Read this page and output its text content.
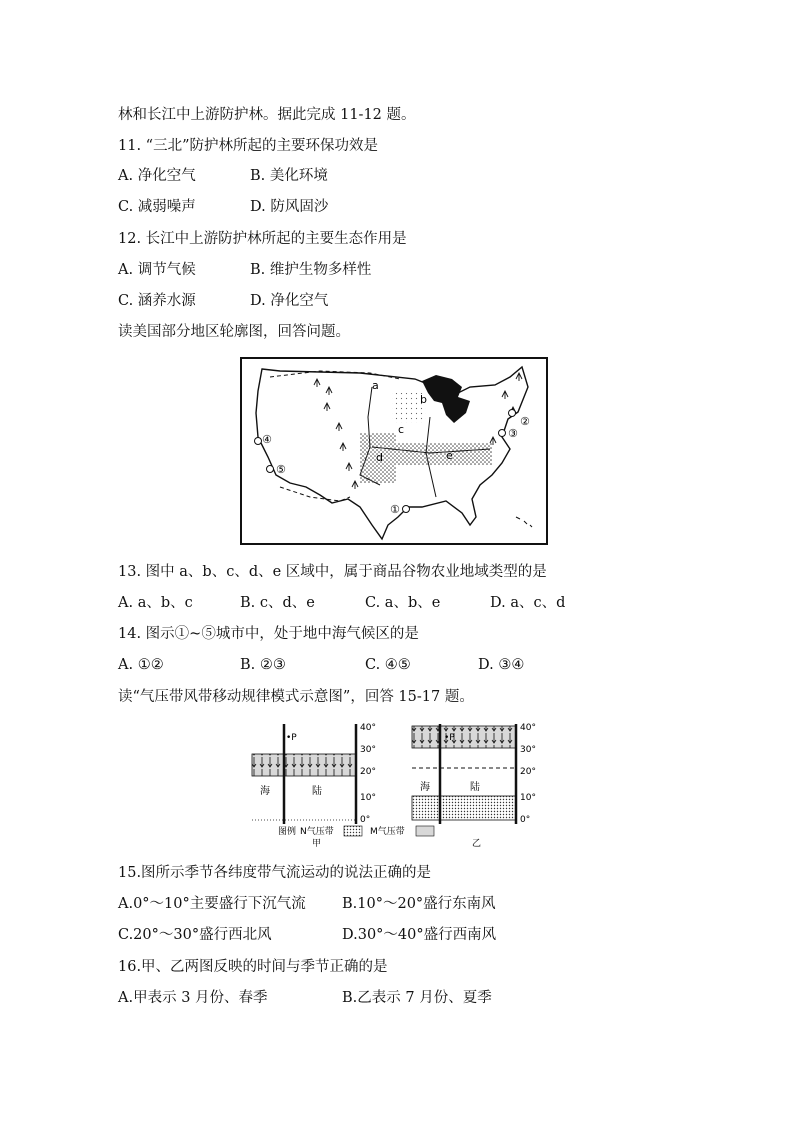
林和长江中上游防护林。据此完成 11-12 题。
11. “三北”防护林所起的主要环保功效是
A. 净化空气	B. 美化环境
C. 减弱噪声	D. 防风固沙
12. 长江中上游防护林所起的主要生态作用是
A. 调节气候	B. 维护生物多样性
C. 涵养水源	D. 净化空气
读美国部分地区轮廓图，回答问题。
a
b
c
d	e
①
②
③
④
⑤
13. 图中 a、b、c、d、e 区域中，属于商品谷物农业地域类型的是
A. a、b、c	B. c、d、e	C. a、b、e	D. a、c、d
14. 图示①~⑤城市中，处于地中海气候区的是
A. ①②	B. ②③	C. ④⑤	D. ③④
读“气压带风带移动规律模式示意图”，回答 15-17 题。
•P
海	陆
40°
30°
20°
10°
0°
•P
海	陆
40°
30°
20°
10°
0°
图例 N气压带	M气压带
甲	乙
15.图所示季节各纬度带气流运动的说法正确的是
A.0°～10°主要盛行下沉气流 B.10°～20°盛行东南风
C.20°～30°盛行西北风	D.30°～40°盛行西南风
16.甲、乙两图反映的时间与季节正确的是
A.甲表示 3 月份、春季	B.乙表示 7 月份、夏季
